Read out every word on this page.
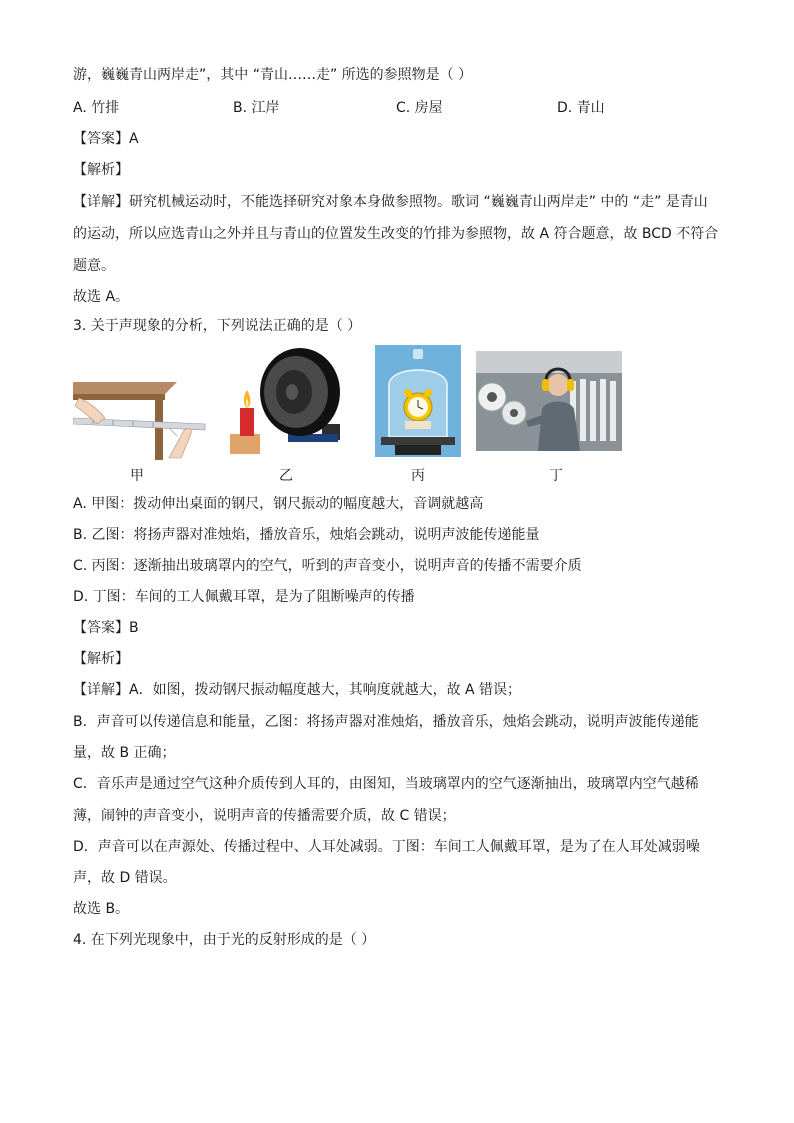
游，巍巍青山两岸走”，其中 “青山……走” 所选的参照物是（ ）
A. 竹排	B. 江岸	C. 房屋	D. 青山
【答案】A
【解析】
【详解】研究机械运动时，不能选择研究对象本身做参照物。歌词 “巍巍青山两岸走” 中的 “走” 是青山
的运动，所以应选青山之外并且与青山的位置发生改变的竹排为参照物，故 A 符合题意，故 BCD 不符合
题意。
故选 A。
3. 关于声现象的分析，下列说法正确的是（ ）
甲	乙	丙	丁
A. 甲图：拨动伸出桌面的钢尺，钢尺振动的幅度越大，音调就越高
B. 乙图：将扬声器对准烛焰，播放音乐，烛焰会跳动，说明声波能传递能量
C. 丙图：逐渐抽出玻璃罩内的空气，听到的声音变小，说明声音的传播不需要介质
D. 丁图：车间的工人佩戴耳罩，是为了阻断噪声的传播
【答案】B
【解析】
【详解】A．如图，拨动钢尺振动幅度越大，其响度就越大，故 A 错误；
B．声音可以传递信息和能量，乙图：将扬声器对准烛焰，播放音乐，烛焰会跳动，说明声波能传递能
量，故 B 正确；
C．音乐声是通过空气这种介质传到人耳的，由图知，当玻璃罩内的空气逐渐抽出，玻璃罩内空气越稀
薄，闹钟的声音变小，说明声音的传播需要介质，故 C 错误；
D．声音可以在声源处、传播过程中、人耳处减弱。丁图：车间工人佩戴耳罩，是为了在人耳处减弱噪
声，故 D 错误。
故选 B。
4. 在下列光现象中，由于光的反射形成的是（ ）
